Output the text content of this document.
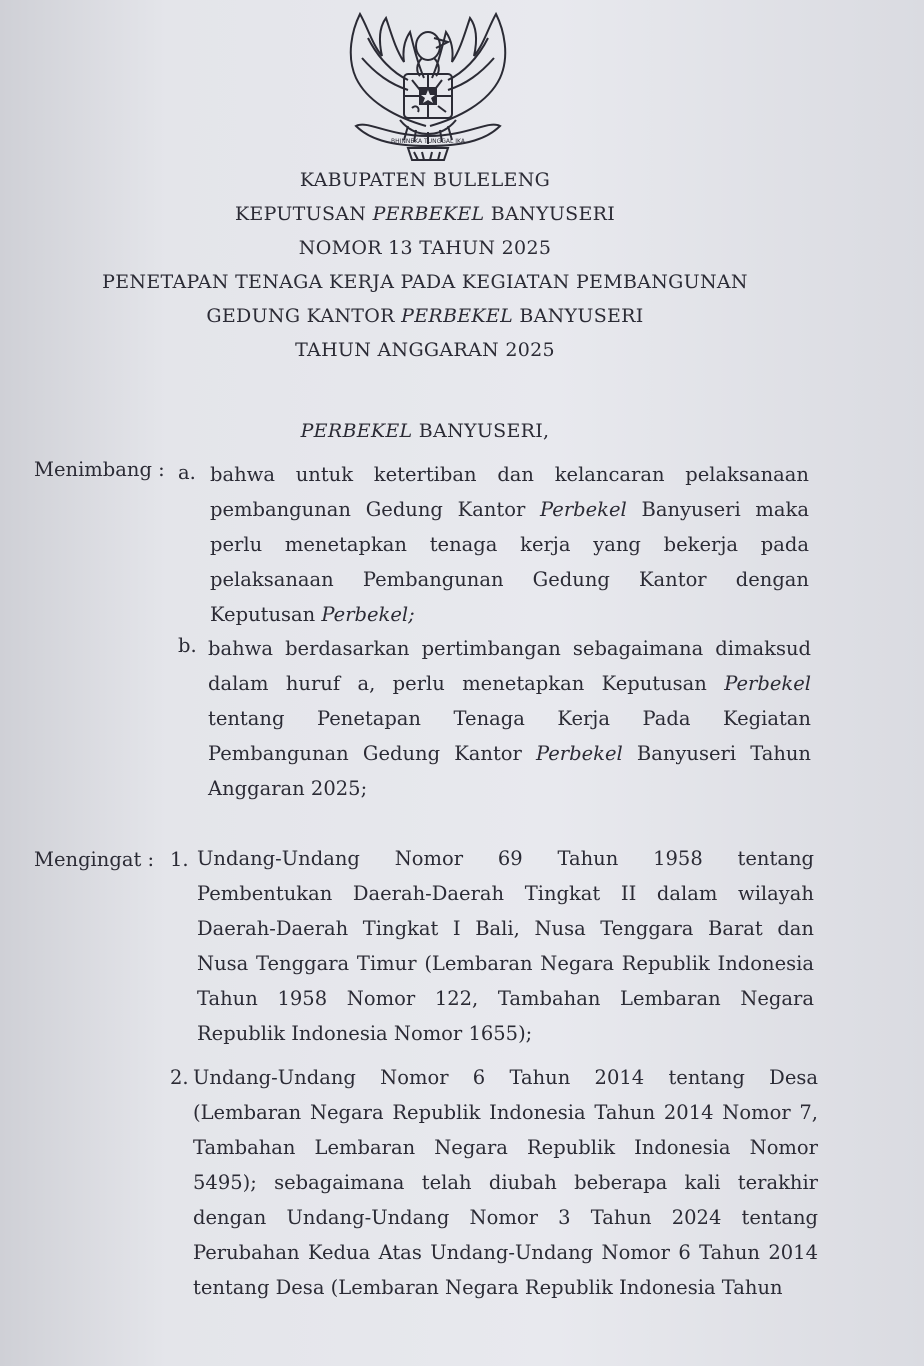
BHINNEKA TUNGGAL IKA
KABUPATEN BULELENG
KEPUTUSAN PERBEKEL BANYUSERI
NOMOR 13 TAHUN 2025
PENETAPAN TENAGA KERJA PADA KEGIATAN PEMBANGUNAN
GEDUNG KANTOR PERBEKEL BANYUSERI
TAHUN ANGGARAN 2025
PERBEKEL BANYUSERI,
Menimbang : a. bahwa untuk ketertiban dan kelancaran pelaksanaan
pembangunan Gedung Kantor Perbekel Banyuseri maka
perlu menetapkan tenaga kerja yang bekerja pada
pelaksanaan Pembangunan Gedung Kantor dengan
Keputusan Perbekel;
b. bahwa berdasarkan pertimbangan sebagaimana dimaksud
dalam huruf a, perlu menetapkan Keputusan Perbekel
tentang Penetapan Tenaga Kerja Pada Kegiatan
Pembangunan Gedung Kantor Perbekel Banyuseri Tahun
Anggaran 2025;
Mengingat : 1. Undang-Undang Nomor 69 Tahun 1958 tentang
Pembentukan Daerah-Daerah Tingkat II dalam wilayah
Daerah-Daerah Tingkat I Bali, Nusa Tenggara Barat dan
Nusa Tenggara Timur (Lembaran Negara Republik Indonesia
Tahun 1958 Nomor 122, Tambahan Lembaran Negara
Republik Indonesia Nomor 1655);
2. Undang-Undang Nomor 6 Tahun 2014 tentang Desa
(Lembaran Negara Republik Indonesia Tahun 2014 Nomor 7,
Tambahan Lembaran Negara Republik Indonesia Nomor
5495); sebagaimana telah diubah beberapa kali terakhir
dengan Undang-Undang Nomor 3 Tahun 2024 tentang
Perubahan Kedua Atas Undang-Undang Nomor 6 Tahun 2014
tentang Desa (Lembaran Negara Republik Indonesia Tahun
